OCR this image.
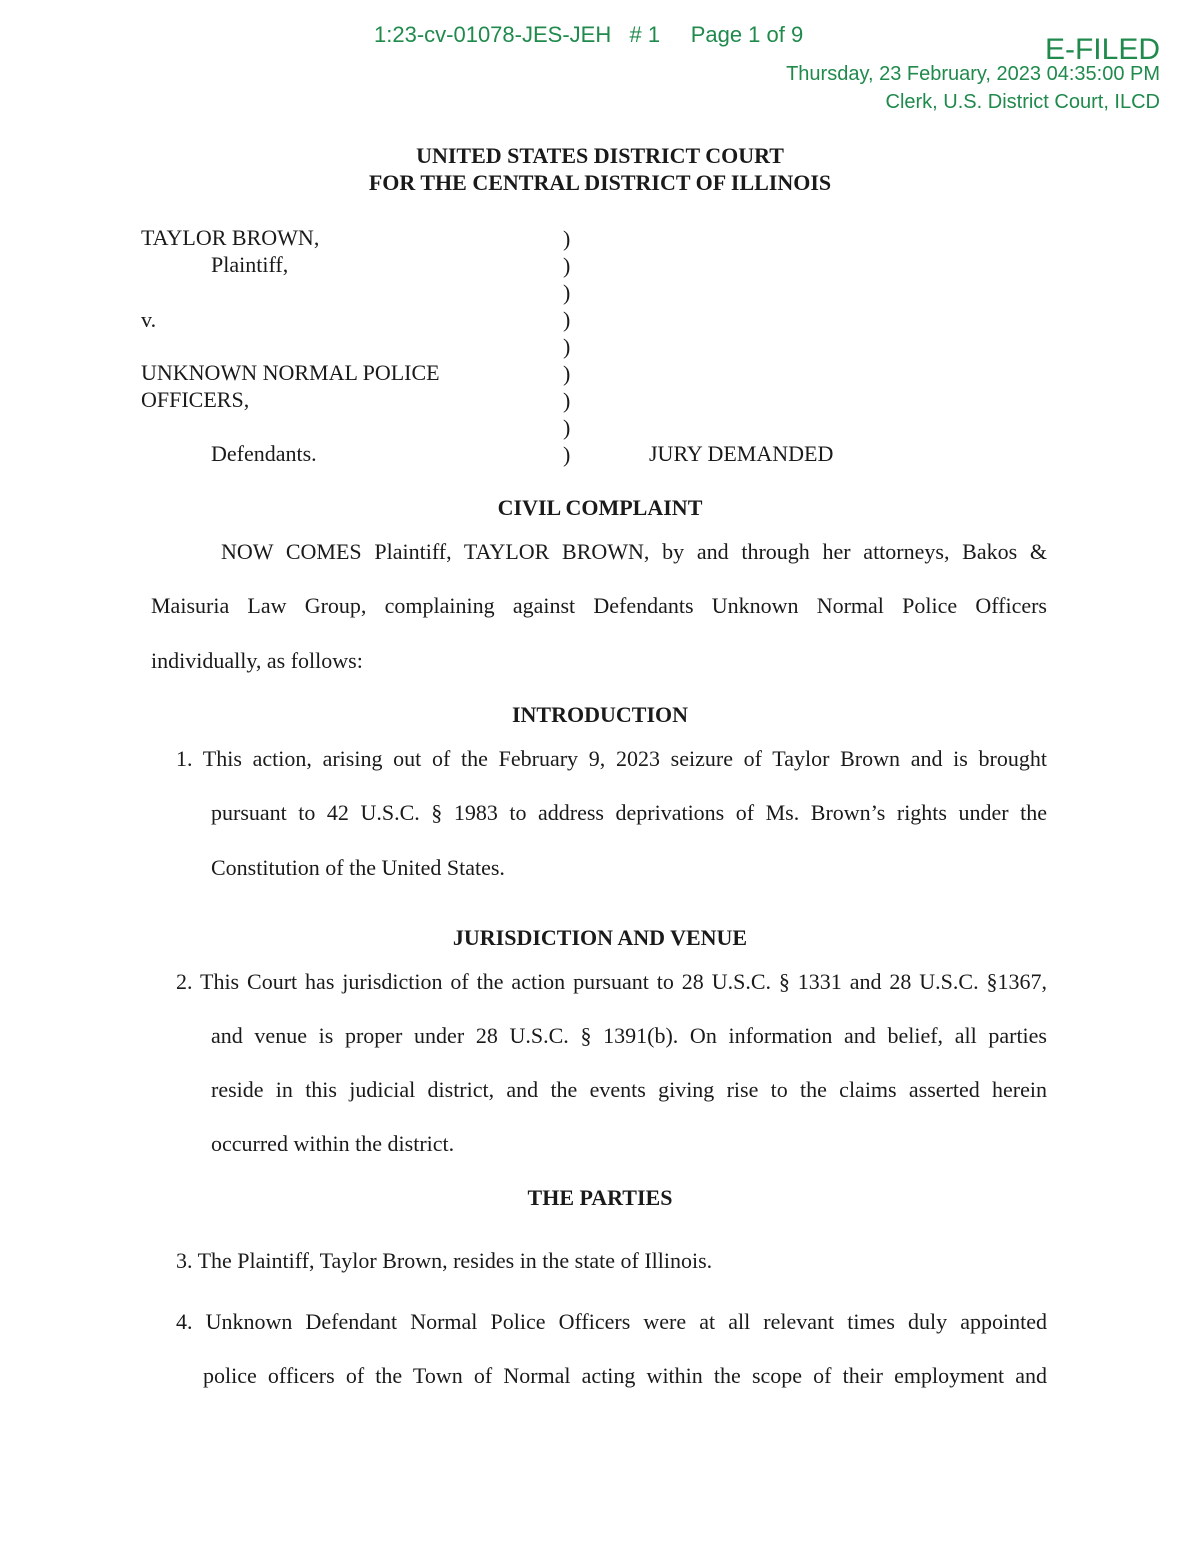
1:23-cv-01078-JES-JEH   # 1     Page 1 of 9	E-FILED
Thursday, 23 February, 2023 04:35:00 PM
Clerk, U.S. District Court, ILCD
UNITED STATES DISTRICT COURT
FOR THE CENTRAL DISTRICT OF ILLINOIS
TAYLOR BROWN,
Plaintiff,
v.
UNKNOWN NORMAL POLICE
OFFICERS,
Defendants.	JURY DEMANDED
)
)
)
)
)
)
)
)
)
CIVIL COMPLAINT
NOW COMES Plaintiff, TAYLOR BROWN, by and through her attorneys, Bakos &
Maisuria Law Group, complaining against Defendants Unknown Normal Police Officers
individually, as follows:
INTRODUCTION
1. This action, arising out of the February 9, 2023 seizure of Taylor Brown and is brought
pursuant to 42 U.S.C. § 1983 to address deprivations of Ms. Brown’s rights under the
Constitution of the United States.
JURISDICTION AND VENUE
2. This Court has jurisdiction of the action pursuant to 28 U.S.C. § 1331 and 28 U.S.C. §1367,
and venue is proper under 28 U.S.C. § 1391(b). On information and belief, all parties
reside in this judicial district, and the events giving rise to the claims asserted herein
occurred within the district.
THE PARTIES
3. The Plaintiff, Taylor Brown, resides in the state of Illinois.
4. Unknown Defendant Normal Police Officers were at all relevant times duly appointed
police officers of the Town of Normal acting within the scope of their employment and
